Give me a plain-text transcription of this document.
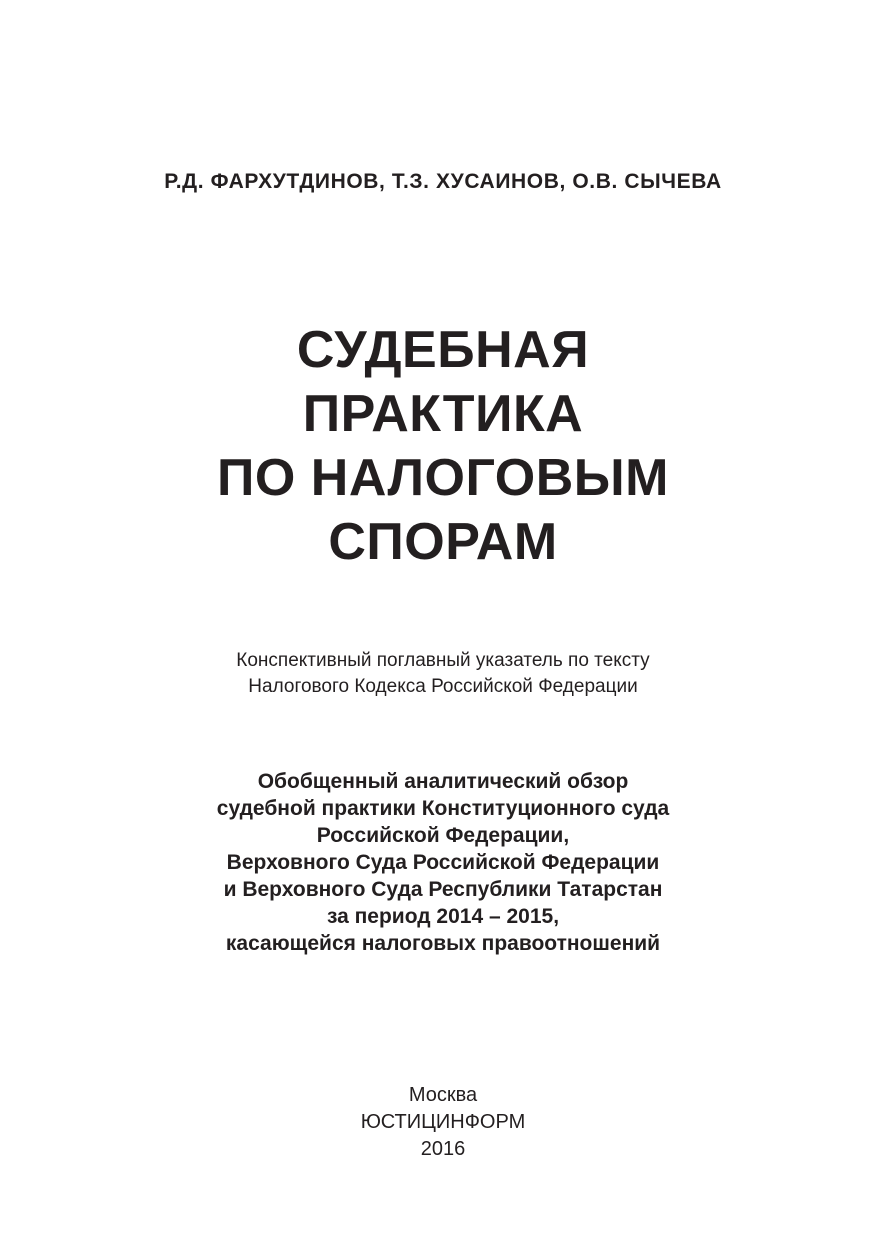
Р.Д. ФАРХУТДИНОВ, Т.З. ХУСАИНОВ, О.В. СЫЧЕВА
СУДЕБНАЯ
ПРАКТИКА
ПО НАЛОГОВЫМ
СПОРАМ
Конспективный поглавный указатель по тексту
Налогового Кодекса Российской Федерации
Обобщенный аналитический обзор
судебной практики Конституционного суда
Российской Федерации,
Верховного Суда Российской Федерации
и Верховного Суда Республики Татарстан
за период 2014 – 2015,
касающейся налоговых правоотношений
Москва
ЮСТИЦИНФОРМ
2016
